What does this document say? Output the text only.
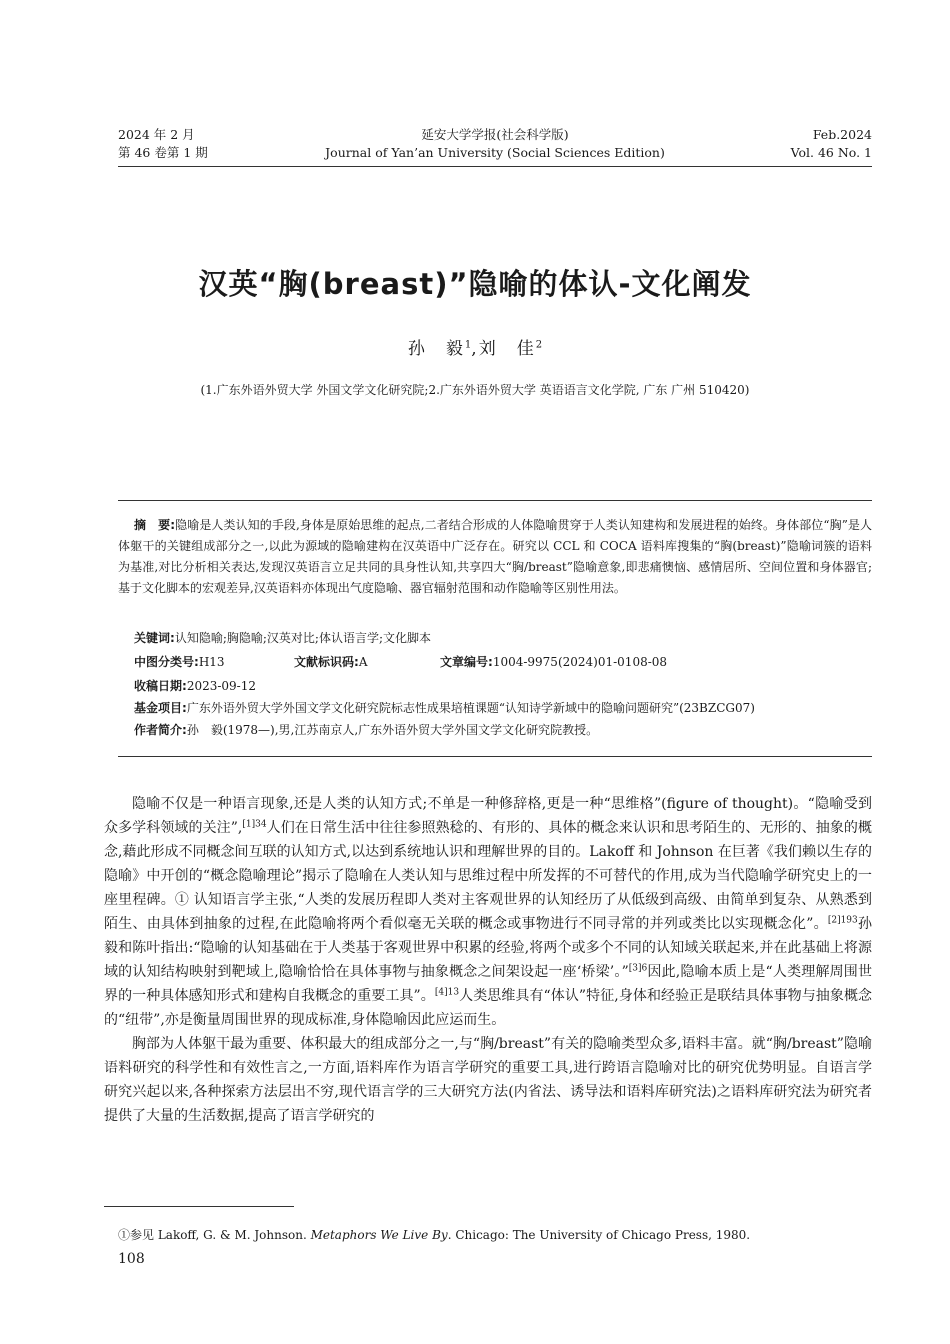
2024 年 2 月
第 46 卷第 1 期
延安大学学报(社会科学版)
Journal of Yan’an University (Social Sciences Edition)
Feb.2024
Vol. 46 No. 1
汉英“胸(breast)”隐喻的体认-文化阐发
孙　毅$^1$,刘　佳$^2$
(1.广东外语外贸大学 外国文学文化研究院;2.广东外语外贸大学 英语语言文化学院, 广东 广州 510420)
摘　要:隐喻是人类认知的手段,身体是原始思维的起点,二者结合形成的人体隐喻贯穿于人类认知建构和发展进程的始终。身体部位“胸”是人体躯干的关键组成部分之一,以此为源域的隐喻建构在汉英语中广泛存在。研究以 CCL 和 COCA 语料库搜集的“胸(breast)”隐喻词簇的语料为基准,对比分析相关表达,发现汉英语言立足共同的具身性认知,共享四大“胸/breast”隐喻意象,即悲痛懊恼、感情居所、空间位置和身体器官;基于文化脚本的宏观差异,汉英语料亦体现出气度隐喻、器官辐射范围和动作隐喻等区别性用法。
关键词:认知隐喻;胸隐喻;汉英对比;体认语言学;文化脚本
中图分类号:H13	文献标识码:A	文章编号:1004-9975(2024)01-0108-08
收稿日期:2023-09-12
基金项目:广东外语外贸大学外国文学文化研究院标志性成果培植课题“认知诗学新域中的隐喻问题研究”(23BZCG07)
作者简介:孙　毅(1978—),男,江苏南京人,广东外语外贸大学外国文学文化研究院教授。

隐喻不仅是一种语言现象,还是人类的认知方式;不单是一种修辞格,更是一种“思维格”(figure of thought)。“隐喻受到众多学科领域的关注”,$^{[1]34}$人们在日常生活中往往参照熟稔的、有形的、具体的概念来认识和思考陌生的、无形的、抽象的概念,藉此形成不同概念间互联的认知方式,以达到系统地认识和理解世界的目的。Lakoff 和 Johnson 在巨著《我们赖以生存的隐喻》中开创的“概念隐喻理论”揭示了隐喻在人类认知与思维过程中所发挥的不可替代的作用,成为当代隐喻学研究史上的一座里程碑。① 认知语言学主张,“人类的发展历程即人类对主客观世界的认知经历了从低级到高级、由简单到复杂、从熟悉到陌生、由具体到抽象的过程,在此隐喻将两个看似毫无关联的概念或事物进行不同寻常的并列或类比以实现概念化”。$^{[2]193}$孙毅和陈叶指出:“隐喻的认知基础在于人类基于客观世界中积累的经验,将两个或多个不同的认知域关联起来,并在此基础上将源域的认知结构映射到靶域上,隐喻恰恰在具体事物与抽象概念之间架设起一座‘桥梁’。”$^{[3]6}$因此,隐喻本质上是“人类理解周围世界的一种具体感知形式和建构自我概念的重要工具”。$^{[4]13}$人类思维具有“体认”特征,身体和经验正是联结具体事物与抽象概念的“纽带”,亦是衡量周围世界的现成标准,身体隐喻因此应运而生。

胸部为人体躯干最为重要、体积最大的组成部分之一,与“胸/breast”有关的隐喻类型众多,语料丰富。就“胸/breast”隐喻语料研究的科学性和有效性言之,一方面,语料库作为语言学研究的重要工具,进行跨语言隐喻对比的研究优势明显。自语言学研究兴起以来,各种探索方法层出不穷,现代语言学的三大研究方法(内省法、诱导法和语料库研究法)之语料库研究法为研究者提供了大量的生活数据,提高了语言学研究的

①参见 Lakoff, G. & M. Johnson. Metaphors We Live By. Chicago: The University of Chicago Press, 1980.
108
